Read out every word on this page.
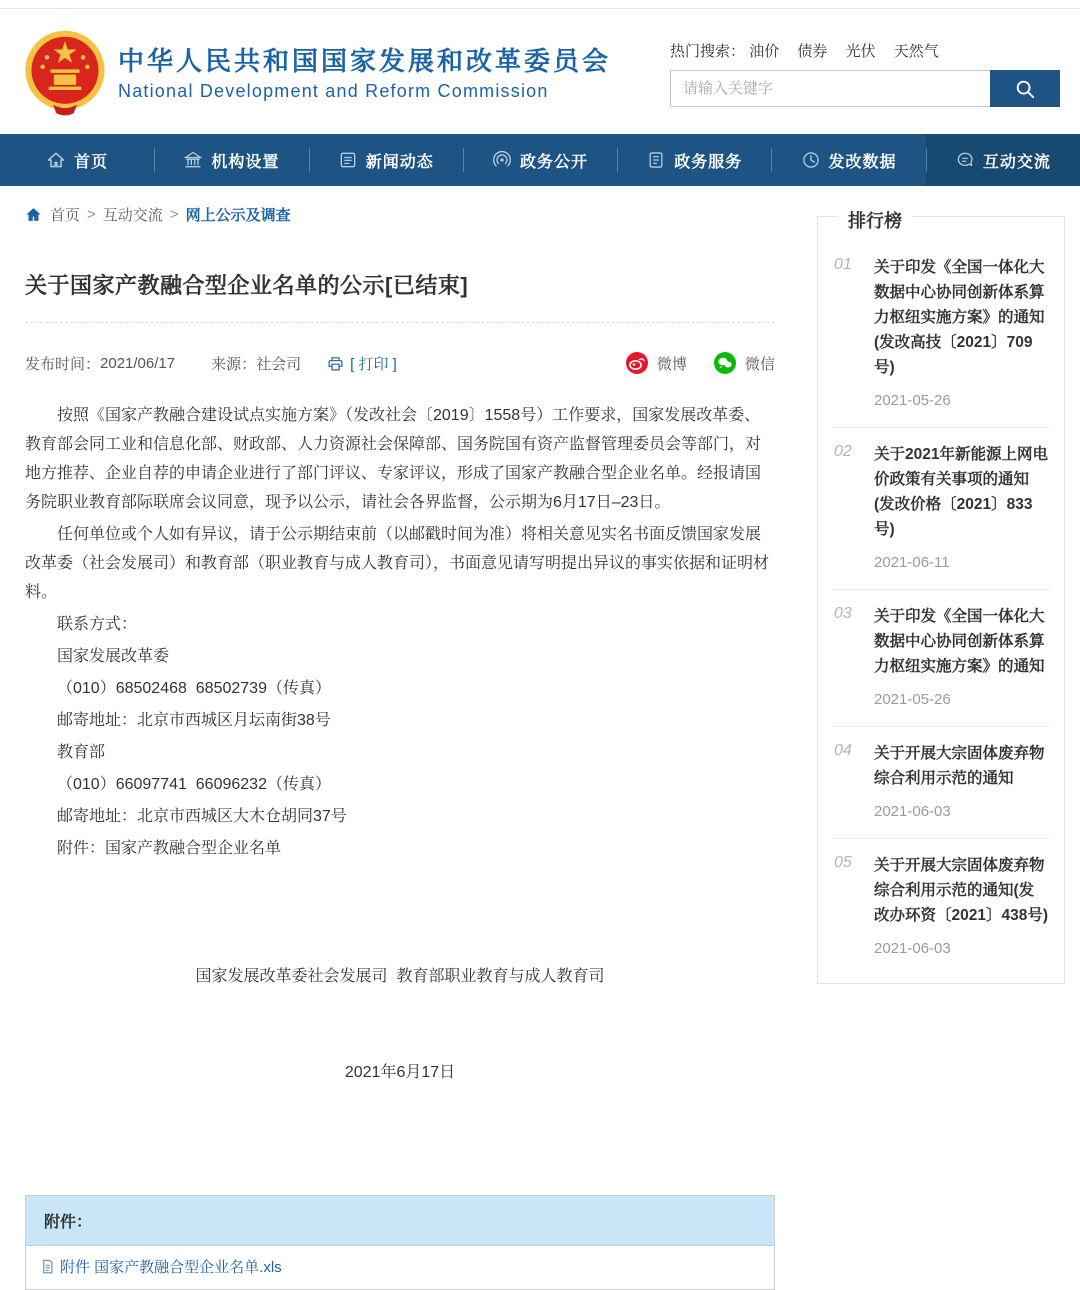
中华人民共和国国家发展和改革委员会
National Development and Reform Commission
热门搜索： 油价 债券 光伏 天然气
请输入关键字
首页	机构设置	新闻动态	政务公开	政务服务	发改数据	互动交流
首页 > 互动交流 > 网上公示及调查
关于国家产教融合型企业名单的公示[已结束]
发布时间： 2021/06/17 来源： 社会司	[ 打印 ]	微博	微信

按照《国家产教融合建设试点实施方案》（发改社会〔2019〕1558号）工作要求，国家发展改革委、教育部会同工业和信息化部、财政部、人力资源社会保障部、国务院国有资产监督管理委员会等部门，对地方推荐、企业自荐的申请企业进行了部门评议、专家评议，形成了国家产教融合型企业名单。经报请国务院职业教育部际联席会议同意，现予以公示，请社会各界监督，公示期为6月17日–23日。

任何单位或个人如有异议，请于公示期结束前（以邮戳时间为准）将相关意见实名书面反馈国家发展改革委（社会发展司）和教育部（职业教育与成人教育司），书面意见请写明提出异议的事实依据和证明材料。

联系方式：

国家发展改革委

（010）68502468  68502739（传真）

邮寄地址：北京市西城区月坛南街38号

教育部

（010）66097741  66096232（传真）

邮寄地址：北京市西城区大木仓胡同37号

附件：国家产教融合型企业名单

国家发展改革委社会发展司  教育部职业教育与成人教育司

2021年6月17日

附件：
附件 国家产教融合型企业名单.xls
排行榜
01	关于印发《全国一体化大数据中心协同创新体系算力枢纽实施方案》的通知(发改高技〔2021〕709号)
2021-05-26
02	关于2021年新能源上网电价政策有关事项的通知(发改价格〔2021〕833号)
2021-06-11
03	关于印发《全国一体化大数据中心协同创新体系算力枢纽实施方案》的通知
2021-05-26
04	关于开展大宗固体废弃物综合利用示范的通知
2021-06-03
05	关于开展大宗固体废弃物综合利用示范的通知(发改办环资〔2021〕438号)
2021-06-03
